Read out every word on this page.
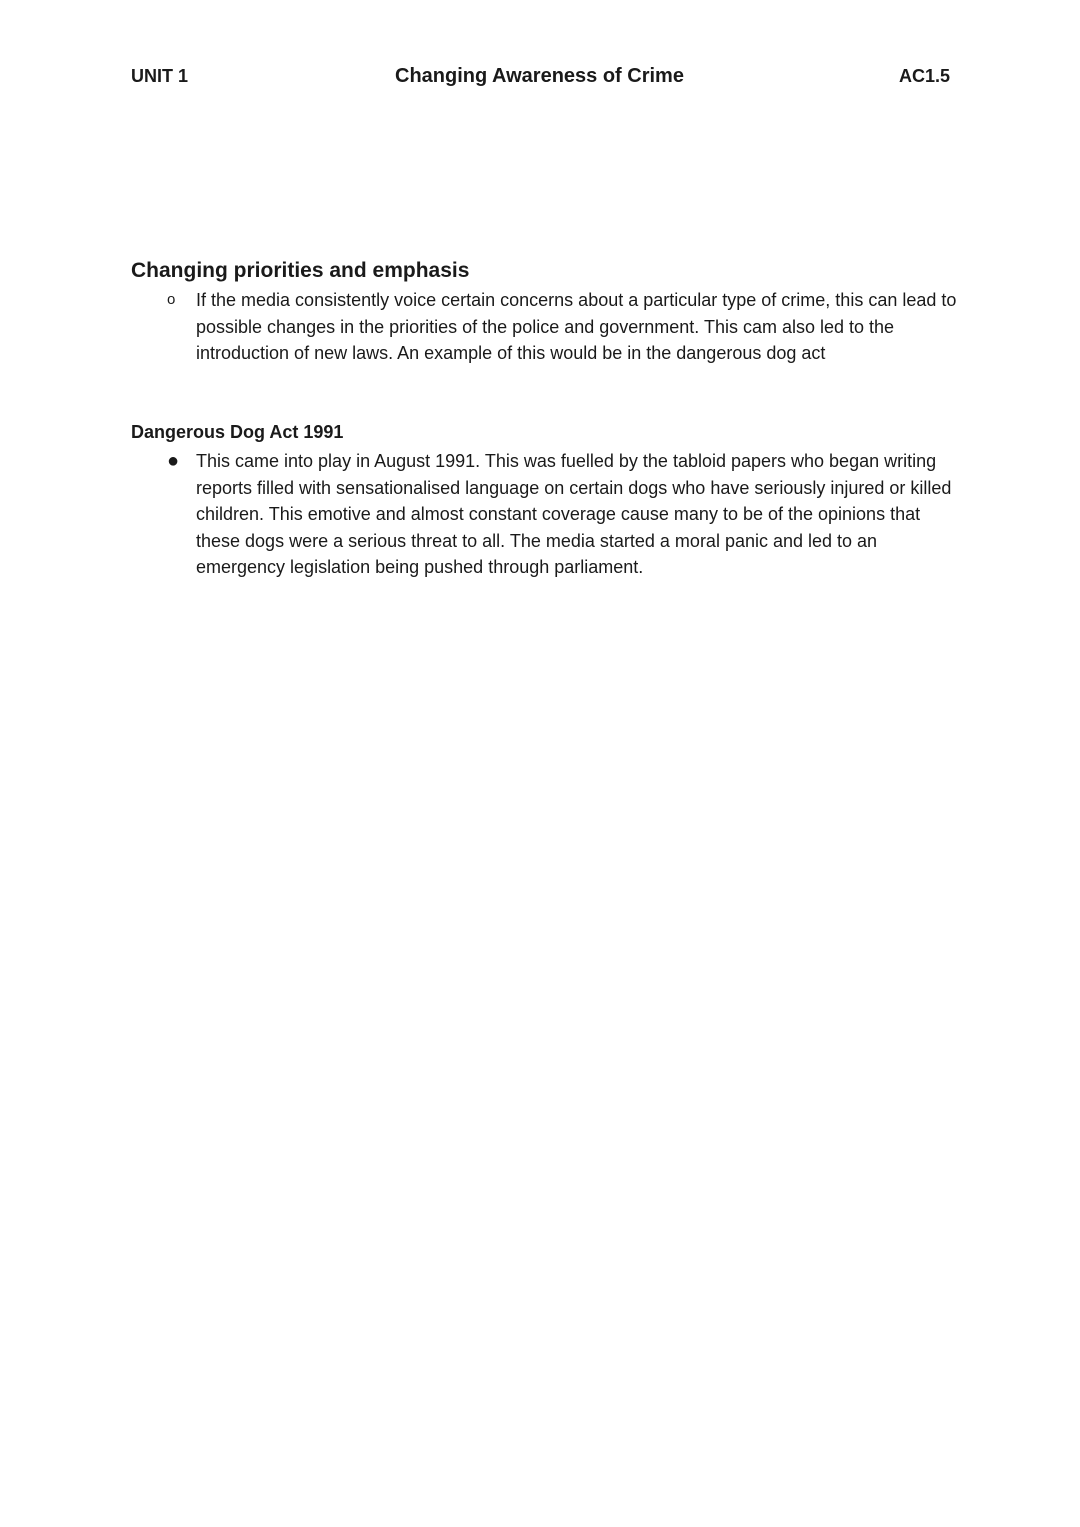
UNIT 1	Changing Awareness of Crime	AC1.5
Changing priorities and emphasis
o If the media consistently voice certain concerns about a particular type of crime, this can lead to possible changes in the priorities of the police and government. This cam also led to the introduction of new laws. An example of this would be in the dangerous dog act
Dangerous Dog Act 1991
● This came into play in August 1991. This was fuelled by the tabloid papers who began writing reports filled with sensationalised language on certain dogs who have seriously injured or killed children. This emotive and almost constant coverage cause many to be of the opinions that these dogs were a serious threat to all. The media started a moral panic and led to an emergency legislation being pushed through parliament.
